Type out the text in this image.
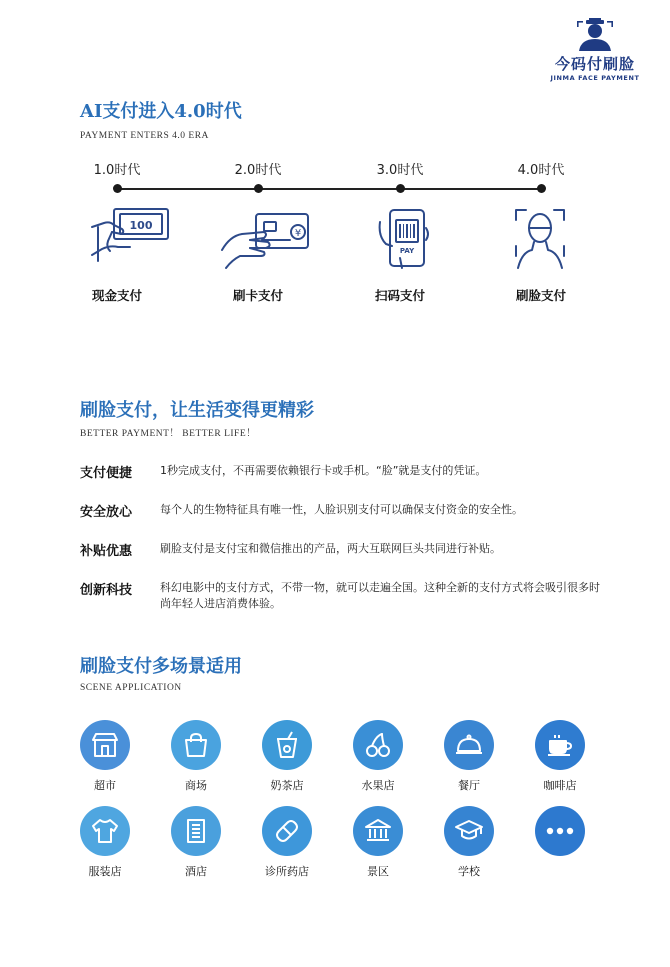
今码付刷脸
JINMA FACE PAYMENT
AI支付进入4.0时代
PAYMENT ENTERS 4.0 ERA
1.0时代	2.0时代	3.0时代	4.0时代
100
¥
PAY
现金支付	刷卡支付	扫码支付	刷脸支付
刷脸支付，让生活变得更精彩
BETTER PAYMENT！ BETTER LIFE！
支付便捷	1秒完成支付，不再需要依赖银行卡或手机。“脸”就是支付的凭证。
安全放心	每个人的生物特征具有唯一性，人脸识别支付可以确保支付资金的安全性。
补贴优惠	刷脸支付是支付宝和微信推出的产品，两大互联网巨头共同进行补贴。
创新科技	科幻电影中的支付方式，不带一物，就可以走遍全国。这种全新的支付方式将会吸引很多时尚年轻人进店消费体验。
刷脸支付多场景适用
SCENE APPLICATION
超市	商场	奶茶店	水果店	餐厅	咖啡店
服装店	酒店	诊所药店	景区	学校
